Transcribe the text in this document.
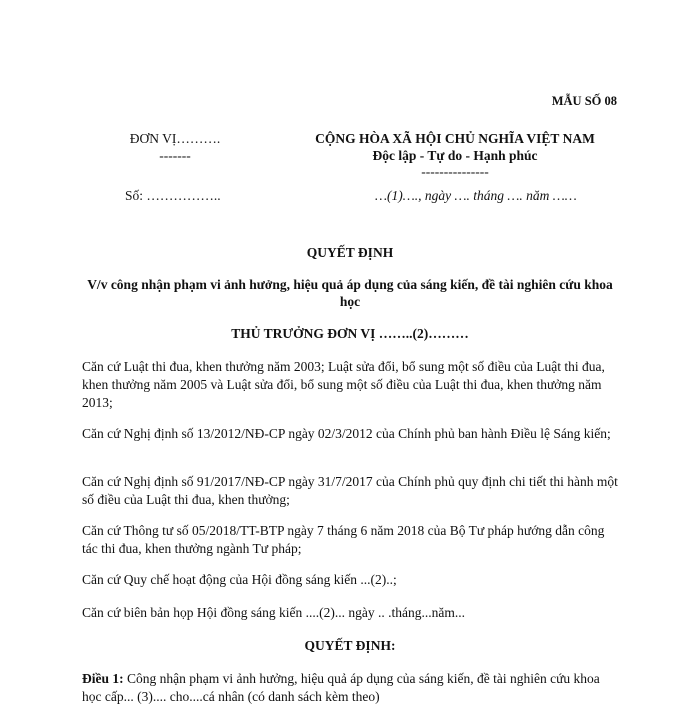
MẪU SỐ 08
ĐƠN VỊ……….
-------
CỘNG HÒA XÃ HỘI CHỦ NGHĨA VIỆT NAM
Độc lập - Tự do - Hạnh phúc
---------------
Số: ……………..	…(1)…., ngày …. tháng …. năm ……
QUYẾT ĐỊNH
V/v công nhận phạm vi ảnh hưởng, hiệu quả áp dụng của sáng kiến, đề tài nghiên cứu khoa
học
THỦ TRƯỞNG ĐƠN VỊ ……..(2)………
Căn cứ Luật thi đua, khen thưởng năm 2003; Luật sửa đổi, bổ sung một số điều của Luật thi đua, khen thưởng năm 2005 và Luật sửa đổi, bổ sung một số điều của Luật thi đua, khen thưởng năm 2013;
Căn cứ Nghị định số 13/2012/NĐ-CP ngày 02/3/2012 của Chính phủ ban hành Điều lệ Sáng kiến;
Căn cứ Nghị định số 91/2017/NĐ-CP ngày 31/7/2017 của Chính phủ quy định chi tiết thi hành một số điều của Luật thi đua, khen thưởng;
Căn cứ Thông tư số 05/2018/TT-BTP ngày 7 tháng 6 năm 2018 của Bộ Tư pháp hướng dẫn công tác thi đua, khen thưởng ngành Tư pháp;
Căn cứ Quy chế hoạt động của Hội đồng sáng kiến ...(2)..;
Căn cứ biên bản họp Hội đồng sáng kiến ....(2)... ngày .. .tháng...năm...
QUYẾT ĐỊNH:
Điều 1: Công nhận phạm vi ảnh hưởng, hiệu quả áp dụng của sáng kiến, đề tài nghiên cứu khoa học cấp... (3).... cho....cá nhân (có danh sách kèm theo)
